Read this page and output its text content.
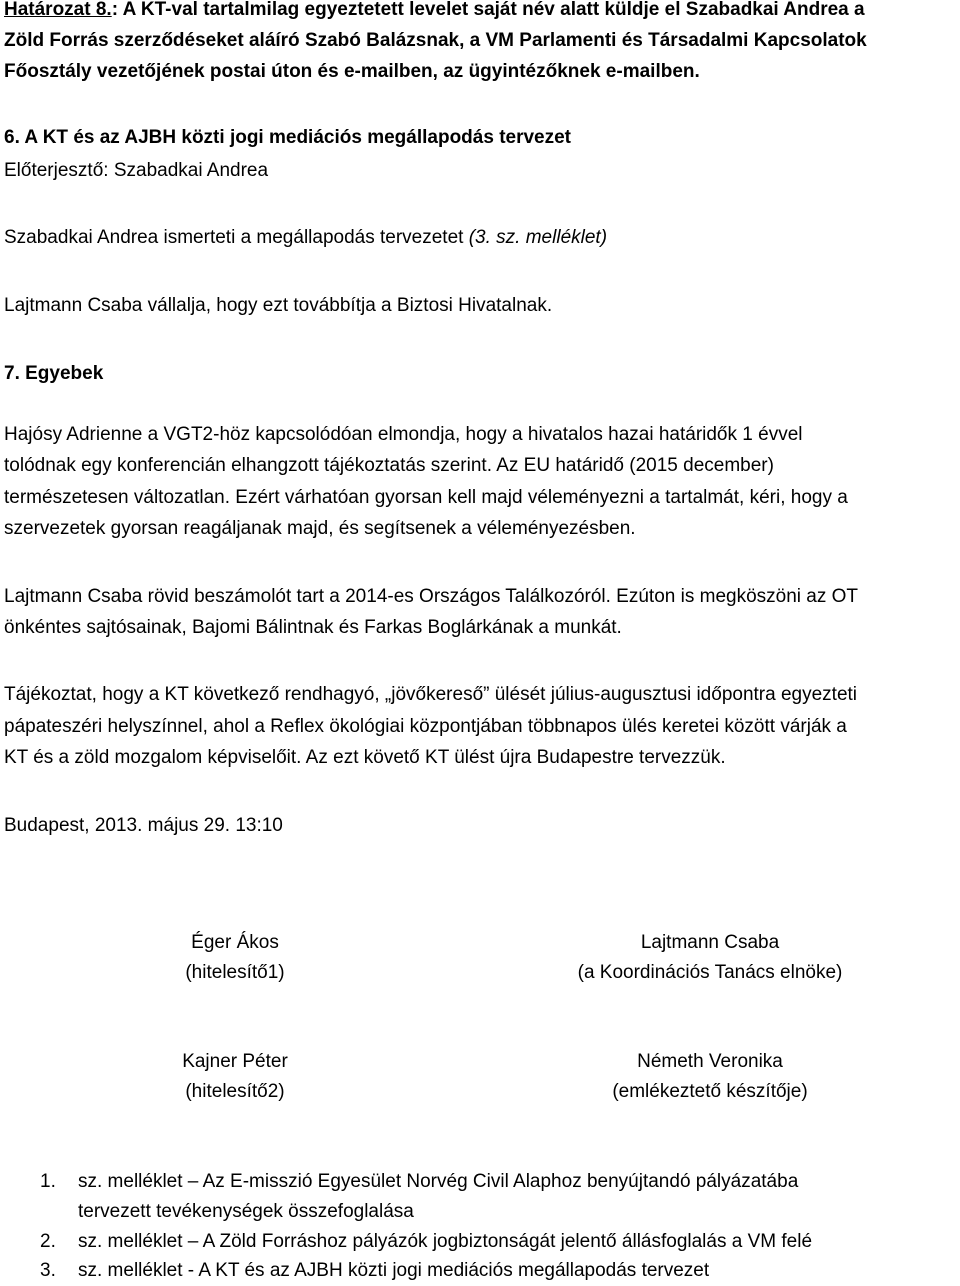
Határozat 8.: A KT-val tartalmilag egyeztetett levelet saját név alatt küldje el Szabadkai Andrea a
Zöld Forrás szerződéseket aláíró Szabó Balázsnak, a VM Parlamenti és Társadalmi Kapcsolatok
Főosztály vezetőjének postai úton és e-mailben, az ügyintézőknek e-mailben.
6. A KT és az AJBH közti jogi mediációs megállapodás tervezet
Előterjesztő: Szabadkai Andrea
Szabadkai Andrea ismerteti a megállapodás tervezetet (3. sz. melléklet)
Lajtmann Csaba vállalja, hogy ezt továbbítja a Biztosi Hivatalnak.
7. Egyebek
Hajósy Adrienne a VGT2-höz kapcsolódóan elmondja, hogy a hivatalos hazai határidők 1 évvel
tolódnak egy konferencián elhangzott tájékoztatás szerint. Az EU határidő (2015 december)
természetesen változatlan. Ezért várhatóan gyorsan kell majd véleményezni a tartalmát, kéri, hogy a
szervezetek gyorsan reagáljanak majd, és segítsenek a véleményezésben.
Lajtmann Csaba rövid beszámolót tart a 2014-es Országos Találkozóról. Ezúton is megköszöni az OT
önkéntes sajtósainak, Bajomi Bálintnak és Farkas Boglárkának a munkát.
Tájékoztat, hogy a KT következő rendhagyó, „jövőkereső” ülését július-augusztusi időpontra egyezteti
pápateszéri helyszínnel, ahol a Reflex ökológiai központjában többnapos ülés keretei között várják a
KT és a zöld mozgalom képviselőit. Az ezt követő KT ülést újra Budapestre tervezzük.
Budapest, 2013. május 29. 13:10
Éger Ákos
(hitelesítő1)
Lajtmann Csaba
(a Koordinációs Tanács elnöke)
Kajner Péter
(hitelesítő2)
Németh Veronika
(emlékeztető készítője)
1. sz. melléklet – Az E-misszió Egyesület Norvég Civil Alaphoz benyújtandó pályázatába
tervezett tevékenységek összefoglalása
2. sz. melléklet – A Zöld Forráshoz pályázók jogbiztonságát jelentő állásfoglalás a VM felé
3. sz. melléklet - A KT és az AJBH közti jogi mediációs megállapodás tervezet
